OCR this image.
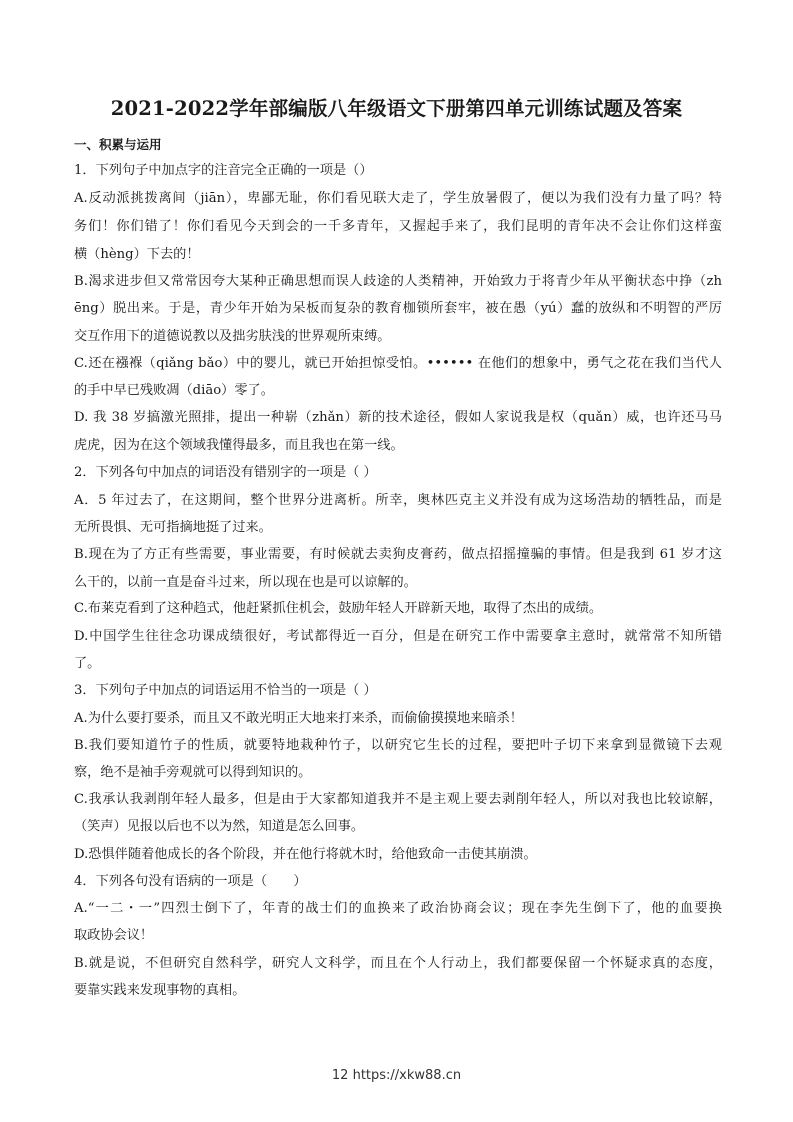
2021-2022学年部编版八年级语文下册第四单元训练试题及答案
一、积累与运用
1．下列句子中加点字的注音完全正确的一项是（）
A.反动派挑拨离间（jiān），卑鄙无耻，你们看见联大走了，学生放暑假了，便以为我们没有力量了吗？特
务们！你们错了！你们看见今天到会的一千多青年，又握起手来了，我们昆明的青年决不会让你们这样蛮
横（hèng）下去的！
B.渴求进步但又常常因夸大某种正确思想而误人歧途的人类精神，开始致力于将青少年从平衡状态中挣（zh
ēng）脱出来。于是，青少年开始为呆板而复杂的教育枷锁所套牢，被在愚（yú）蠢的放纵和不明智的严厉
交互作用下的道德说教以及拙劣肤浅的世界观所束缚。
C.还在襁褓（qiǎng bǎo）中的婴儿，就已开始担惊受怕。•••••• 在他们的想象中，勇气之花在我们当代人
的手中早已残败凋（diāo）零了。
D. 我 38 岁搞激光照排，提出一种崭（zhǎn）新的技术途径，假如人家说我是权（quǎn）威，也许还马马
虎虎，因为在这个领域我懂得最多，而且我也在第一线。
2．下列各句中加点的词语没有错别字的一项是（ ）
A．5 年过去了，在这期间，整个世界分进离析。所幸，奥林匹克主义并没有成为这场浩劫的牺牲品，而是
无所畏惧、无可指摘地挺了过来。
B.现在为了方正有些需要，事业需要，有时候就去卖狗皮膏药，做点招摇撞骗的事情。但是我到 61 岁才这
么干的，以前一直是奋斗过来，所以现在也是可以谅解的。
C.布莱克看到了这种趋式，他赶紧抓住机会，鼓励年轻人开辟新天地，取得了杰出的成绩。
D.中国学生往往念功课成绩很好，考试都得近一百分，但是在研究工作中需要拿主意时，就常常不知所错
了。
3．下列句子中加点的词语运用不恰当的一项是（ ）
A.为什么要打要杀，而且又不敢光明正大地来打来杀，而偷偷摸摸地来暗杀！
B.我们要知道竹子的性质，就要特地栽种竹子，以研究它生长的过程，要把叶子切下来拿到显微镜下去观
察，绝不是袖手旁观就可以得到知识的。
C.我承认我剥削年轻人最多，但是由于大家都知道我并不是主观上要去剥削年轻人，所以对我也比较谅解，
（笑声）见报以后也不以为然，知道是怎么回事。
D.恐惧伴随着他成长的各个阶段，并在他行将就木时，给他致命一击使其崩溃。
4．下列各句没有语病的一项是（　　）
A.“一二・一”四烈士倒下了，年青的战士们的血换来了政治协商会议；现在李先生倒下了，他的血要换
取政协会议！
B.就是说，不但研究自然科学，研究人文科学，而且在个人行动上，我们都要保留一个怀疑求真的态度，
要靠实践来发现事物的真相。
12 https://xkw88.cn
